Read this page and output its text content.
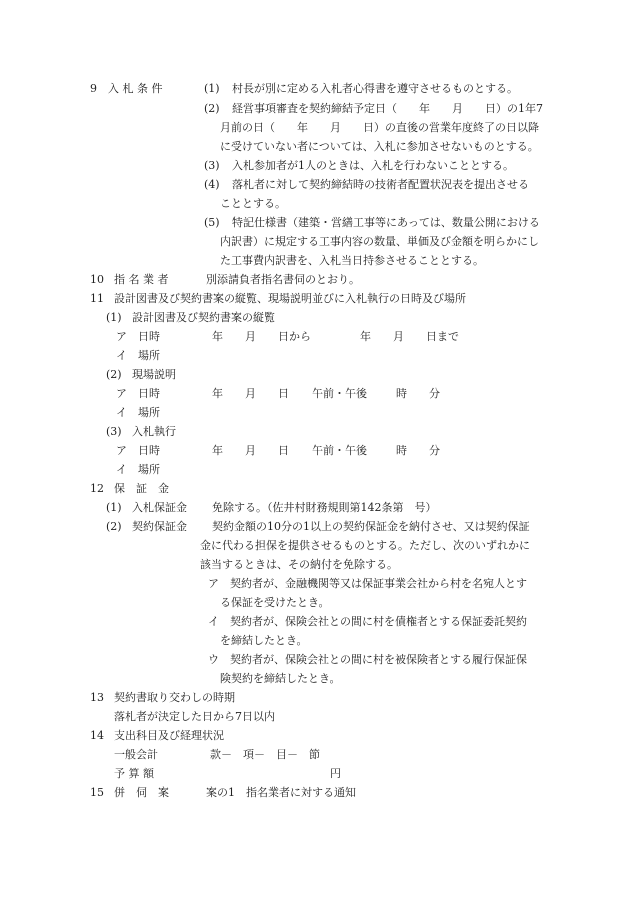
9 入 札 条 件	(1) 村長が別に定める入札者心得書を遵守させるものとする。
(2) 経営事項審査を契約締結予定日（　　年　　月　　日）の1年7
月前の日（　　年　　月　　日）の直後の営業年度終了の日以降
に受けていない者については、入札に参加させないものとする。
(3) 入札参加者が1人のときは、入札を行わないこととする。
(4) 落札者に対して契約締結時の技術者配置状況表を提出させる
こととする。
(5) 特記仕様書（建築・営繕工事等にあっては、数量公開における
内訳書）に規定する工事内容の数量、単価及び金額を明らかにし
た工事費内訳書を、入札当日持参させることとする。
10 指 名 業 者	別添請負者指名書伺のとおり。
11 設計図書及び契約書案の縦覧、現場説明並びに入札執行の日時及び場所
(1) 設計図書及び契約書案の縦覧
ア　日時	年　　月　　日から	年　　月　　日まで
イ　場所
(2) 現場説明
ア　日時	年　　月　　日 午前・午後	時　　分
イ　場所
(3) 入札執行
ア　日時	年　　月　　日 午前・午後	時　　分
イ　場所
12 保　証　金
(1) 入札保証金 免除する。（佐井村財務規則第142条第　号）
(2) 契約保証金 契約金額の10分の1以上の契約保証金を納付させ、又は契約保証
金に代わる担保を提供させるものとする。ただし、次のいずれかに
該当するときは、その納付を免除する。
ア　契約者が、金融機関等又は保証事業会社から村を名宛人とす
る保証を受けたとき。
イ　契約者が、保険会社との間に村を債権者とする保証委託契約
を締結したとき。
ウ　契約者が、保険会社との間に村を被保険者とする履行保証保
険契約を締結したとき。
13 契約書取り交わしの時期
落札者が決定した日から7日以内
14 支出科目及び経理状況
一般会計	款－　項－　目－　節
予 算 額	円
15 併　伺　案	案の1　指名業者に対する通知
